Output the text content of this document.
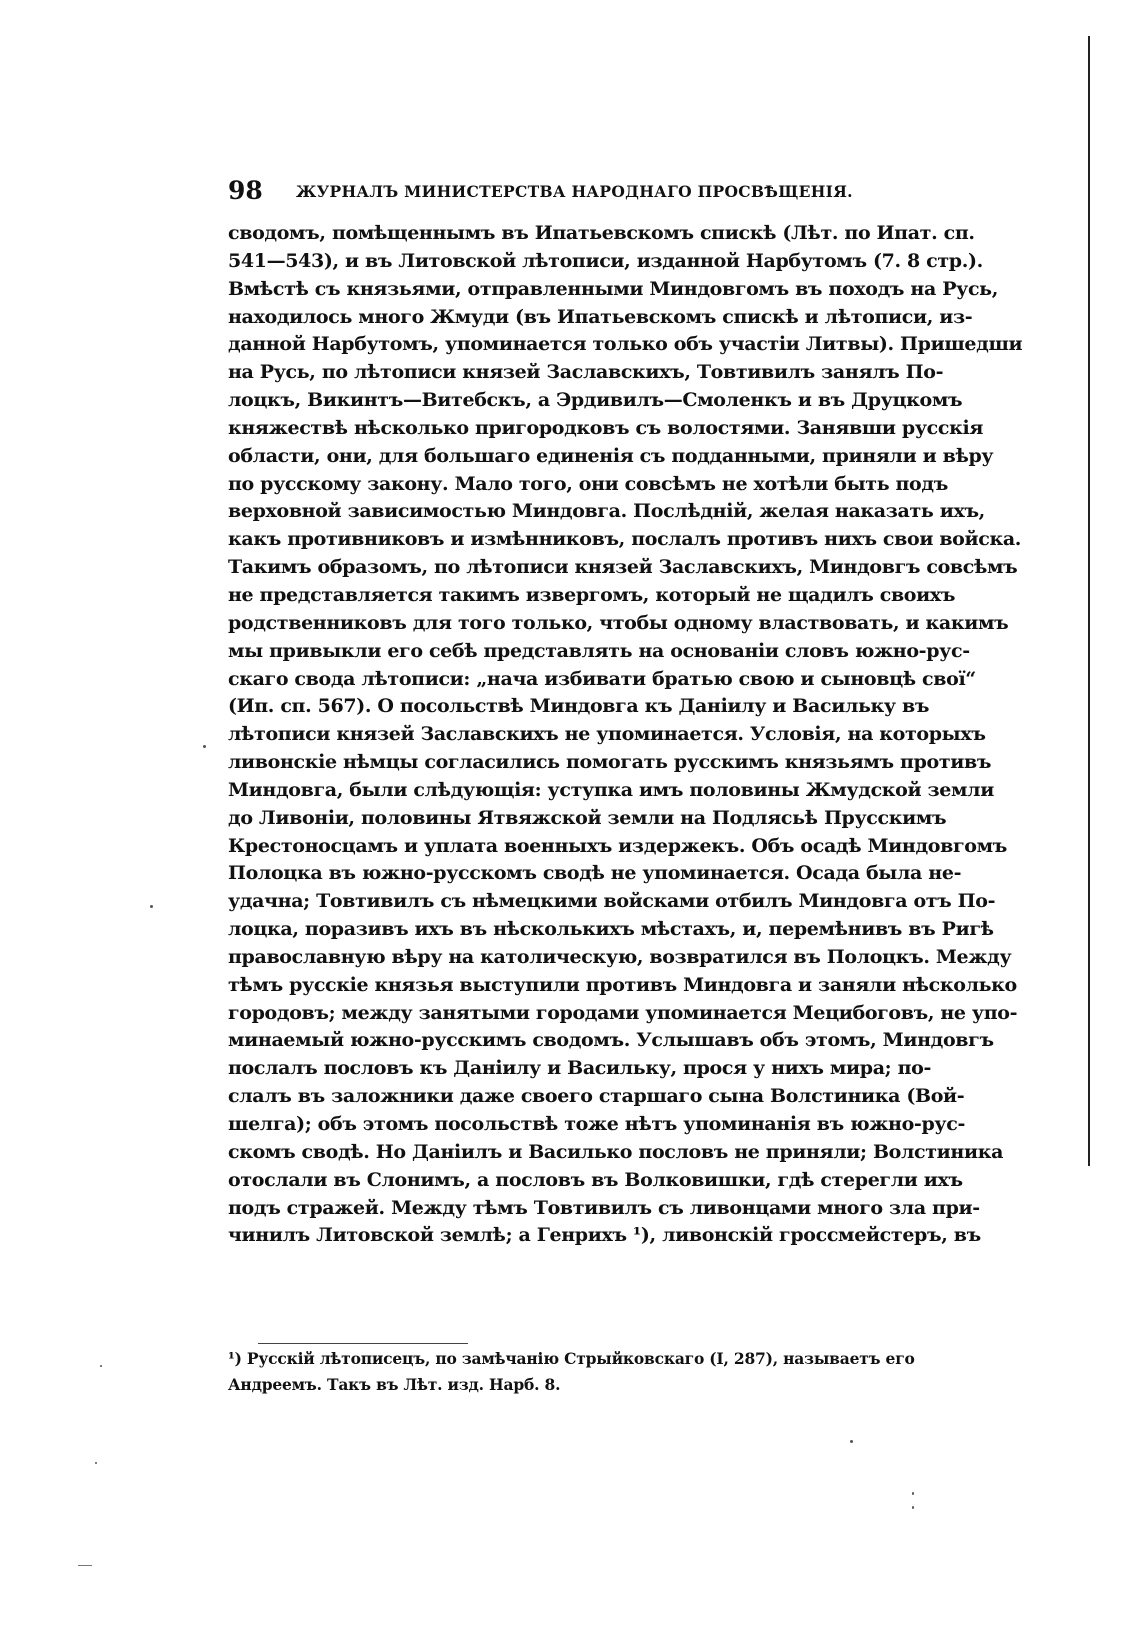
98 ЖУРНАЛЪ МИНИСТЕРСТВА НАРОДНАГО ПРОСВѢЩЕНІЯ.
сводомъ, помѣщеннымъ въ Ипатьевскомъ спискѣ (Лѣт. по Ипат. сп.
541—543), и въ Литовской лѣтописи, изданной Нарбутомъ (7. 8 стр.).
Вмѣстѣ съ князьями, отправленными Миндовгомъ въ походъ на Русь,
находилось много Жмуди (въ Ипатьевскомъ спискѣ и лѣтописи, из-
данной Нарбутомъ, упоминается только объ участіи Литвы). Пришедши
на Русь, по лѣтописи князей Заславскихъ, Товтивилъ занялъ По-
лоцкъ, Викинтъ—Витебскъ, а Эрдивилъ—Смоленкъ и въ Друцкомъ
княжествѣ нѣсколько пригородковъ съ волостями. Занявши русскія
области, они, для большаго единенія съ подданными, приняли и вѣру
по русскому закону. Мало того, они совсѣмъ не хотѣли быть подъ
верховной зависимостью Миндовга. Послѣдній, желая наказать ихъ,
какъ противниковъ и измѣнниковъ, послалъ противъ нихъ свои войска.
Такимъ образомъ, по лѣтописи князей Заславскихъ, Миндовгъ совсѣмъ
не представляется такимъ извергомъ, который не щадилъ своихъ
родственниковъ для того только, чтобы одному властвовать, и какимъ
мы привыкли его себѣ представлять на основаніи словъ южно-рус-
скаго свода лѣтописи: „нача избивати братью свою и сыновцѣ свої“
(Ип. сп. 567). О посольствѣ Миндовга къ Даніилу и Васильку въ
лѣтописи князей Заславскихъ не упоминается. Условія, на которыхъ
ливонскіе нѣмцы согласились помогать русскимъ князьямъ противъ
Миндовга, были слѣдующія: уступка имъ половины Жмудской земли
до Ливоніи, половины Ятвяжской земли на Подлясьѣ Прусскимъ
Крестоносцамъ и уплата военныхъ издержекъ. Объ осадѣ Миндовгомъ
Полоцка въ южно-русскомъ сводѣ не упоминается. Осада была не-
удачна; Товтивилъ съ нѣмецкими войсками отбилъ Миндовга отъ По-
лоцка, поразивъ ихъ въ нѣсколькихъ мѣстахъ, и, перемѣнивъ въ Ригѣ
православную вѣру на католическую, возвратился въ Полоцкъ. Между
тѣмъ русскіе князья выступили противъ Миндовга и заняли нѣсколько
городовъ; между занятыми городами упоминается Мецибоговъ, не упо-
минаемый южно-русскимъ сводомъ. Услышавъ объ этомъ, Миндовгъ
послалъ пословъ къ Даніилу и Васильку, прося у нихъ мира; по-
слалъ въ заложники даже своего старшаго сына Волстиника (Вой-
шелга); объ этомъ посольствѣ тоже нѣтъ упоминанія въ южно-рус-
скомъ сводѣ. Но Даніилъ и Василько пословъ не приняли; Волстиника
отослали въ Слонимъ, а пословъ въ Волковишки, гдѣ стерегли ихъ
подъ стражей. Между тѣмъ Товтивилъ съ ливонцами много зла при-
чинилъ Литовской землѣ; а Генрихъ ¹), ливонскій гроссмейстеръ, въ
¹) Русскій лѣтописецъ, по замѣчанію Стрыйковскаго (I, 287), называетъ его
Андреемъ. Такъ въ Лѣт. изд. Нарб. 8.
